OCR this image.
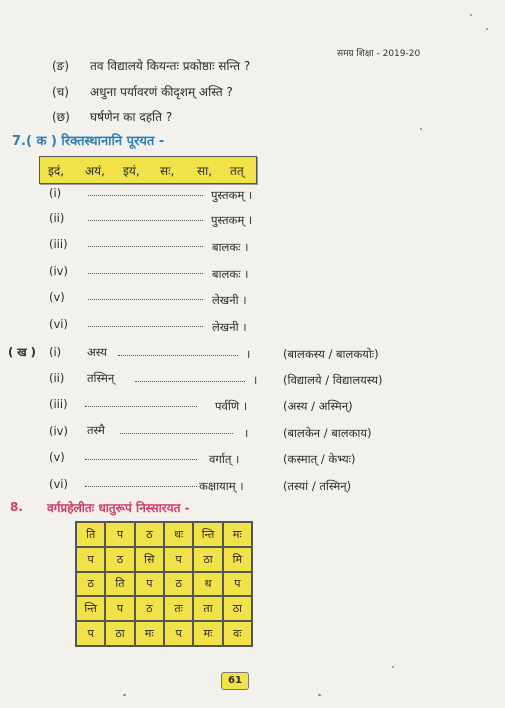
समग्र शिक्षा - 2019-20
(ङ) तव विद्यालये कियन्तः प्रकोष्ठाः सन्ति ?
(च) अधुना पर्यावरणं कीदृशम् अस्ति ?
(छ) घर्षणेन का दहति ?
7.( क ) रिक्तस्थानानि पूरयत -
इदं, अयं, इयं, सः, सा, तत्
(i)	पुस्तकम् ।
(ii)	पुस्तकम् ।
(iii)	बालकः ।
(iv)	बालकः ।
(v)	लेखनी ।
(vi)	लेखनी ।
( ख ) (i) अस्य	।	(बालकस्य / बालकयोः)
(ii) तस्मिन्	। (विद्यालये / विद्यालयस्य)
(iii)	पर्वणि ।	(अस्य / अस्मिन्)
(iv) तस्मै	।	(बालकेन / बालकाय)
(v)	वर्गात् ।	(कस्मात् / केभ्यः)
(vi)	कक्षायाम् ।	(तस्यां / तस्मिन्)
8. वर्गप्रहेलीतः धातुरूपं निस्सारयत -
ति	प	ठ	थः	न्ति	मः
प	ठ	सि	प	ठा	मि
ठ	ति	प	ठ	थ	प
न्ति	प	ठ	तः	ता	ठा
प	ठा	मः	प	मः	वः
61
